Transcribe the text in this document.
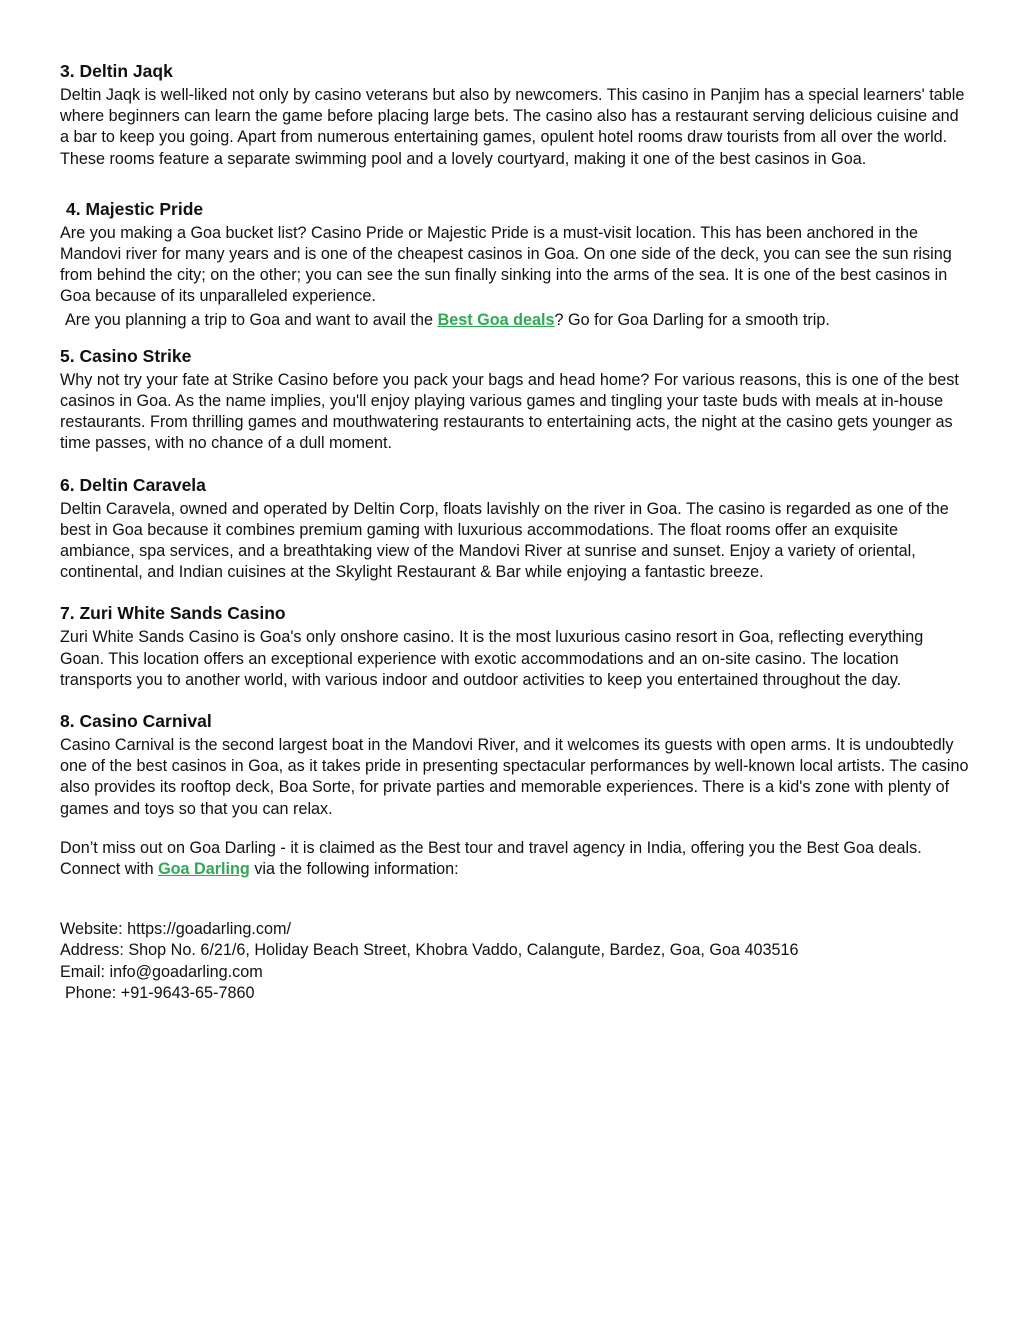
3. Deltin Jaqk

Deltin Jaqk is well-liked not only by casino veterans but also by newcomers. This casino in Panjim has a special learners' table where beginners can learn the game before placing large bets. The casino also has a restaurant serving delicious cuisine and a bar to keep you going. Apart from numerous entertaining games, opulent hotel rooms draw tourists from all over the world. These rooms feature a separate swimming pool and a lovely courtyard, making it one of the best casinos in Goa.

4. Majestic Pride

Are you making a Goa bucket list? Casino Pride or Majestic Pride is a must-visit location. This has been anchored in the Mandovi river for many years and is one of the cheapest casinos in Goa. On one side of the deck, you can see the sun rising from behind the city; on the other; you can see the sun finally sinking into the arms of the sea. It is one of the best casinos in Goa because of its unparalleled experience.

Are you planning a trip to Goa and want to avail the Best Goa deals? Go for Goa Darling for a smooth trip.

5. Casino Strike

Why not try your fate at Strike Casino before you pack your bags and head home? For various reasons, this is one of the best casinos in Goa. As the name implies, you'll enjoy playing various games and tingling your taste buds with meals at in-house restaurants. From thrilling games and mouthwatering restaurants to entertaining acts, the night at the casino gets younger as time passes, with no chance of a dull moment.

6. Deltin Caravela

Deltin Caravela, owned and operated by Deltin Corp, floats lavishly on the river in Goa. The casino is regarded as one of the best in Goa because it combines premium gaming with luxurious accommodations. The float rooms offer an exquisite ambiance, spa services, and a breathtaking view of the Mandovi River at sunrise and sunset. Enjoy a variety of oriental, continental, and Indian cuisines at the Skylight Restaurant & Bar while enjoying a fantastic breeze.

7. Zuri White Sands Casino

Zuri White Sands Casino is Goa's only onshore casino. It is the most luxurious casino resort in Goa, reflecting everything Goan. This location offers an exceptional experience with exotic accommodations and an on-site casino. The location transports you to another world, with various indoor and outdoor activities to keep you entertained throughout the day.

8. Casino Carnival

Casino Carnival is the second largest boat in the Mandovi River, and it welcomes its guests with open arms. It is undoubtedly one of the best casinos in Goa, as it takes pride in presenting spectacular performances by well-known local artists. The casino also provides its rooftop deck, Boa Sorte, for private parties and memorable experiences. There is a kid's zone with plenty of games and toys so that you can relax.

Don’t miss out on Goa Darling - it is claimed as the Best tour and travel agency in India, offering you the Best Goa deals. Connect with Goa Darling via the following information:

Website: https://goadarling.com/

Address: Shop No. 6/21/6, Holiday Beach Street, Khobra Vaddo, Calangute, Bardez, Goa, Goa 403516

Email: info@goadarling.com

Phone: +91-9643-65-7860
